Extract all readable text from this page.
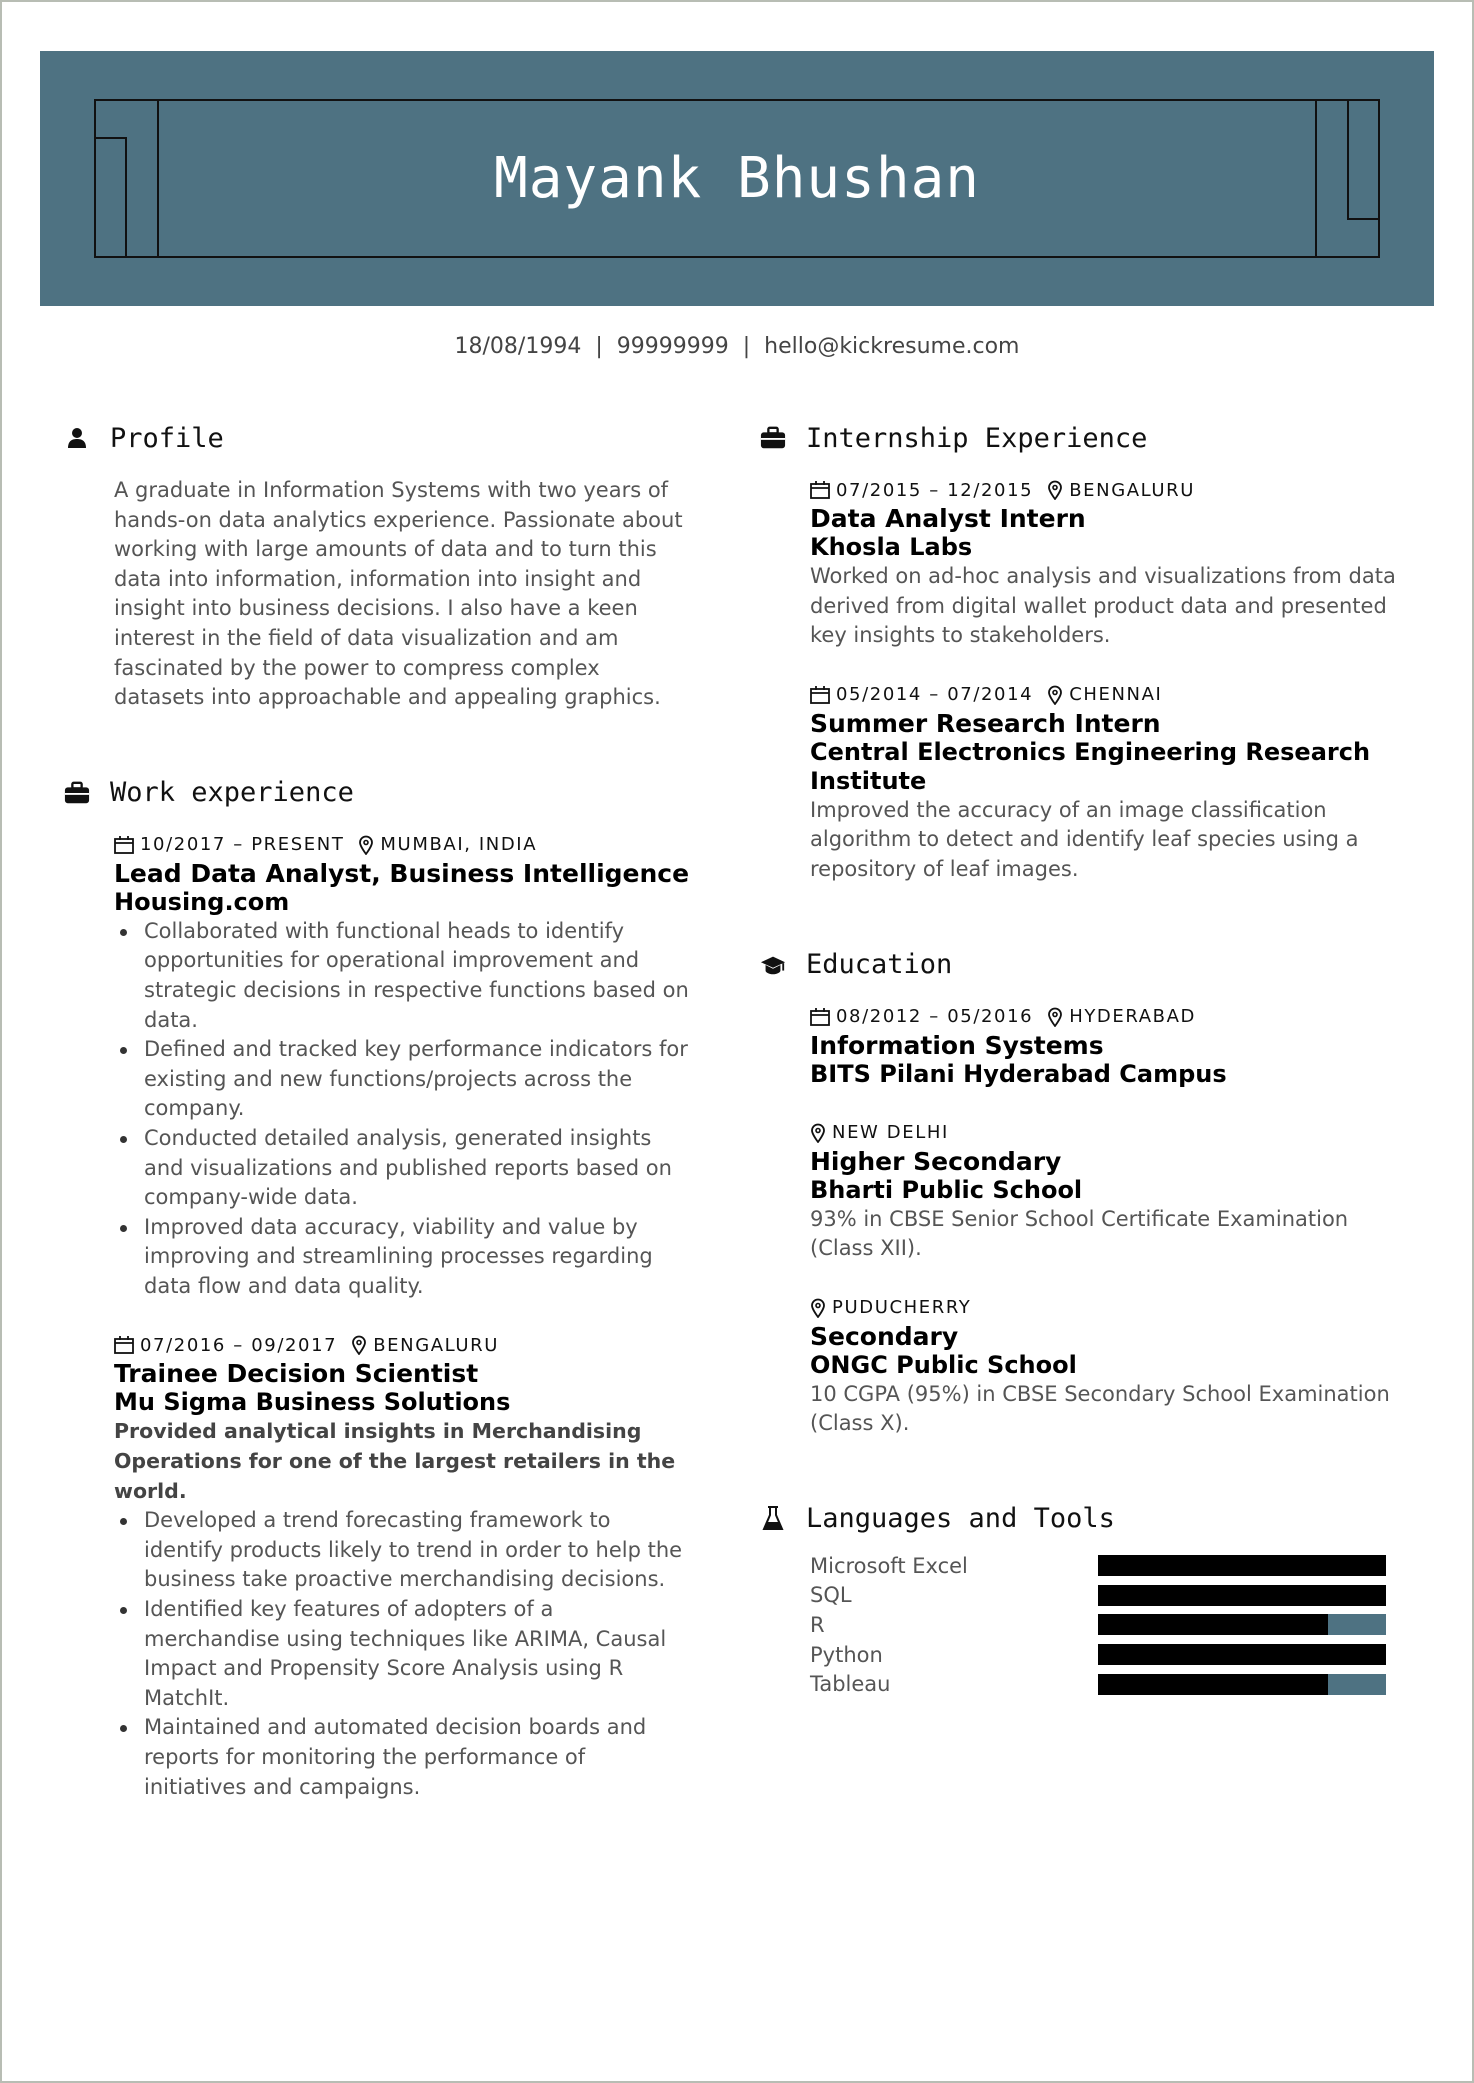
Mayank Bhushan
18/08/1994 | 99999999 | hello@kickresume.com
Profile

A graduate in Information Systems with two years of hands-on data analytics experience. Passionate about working with large amounts of data and to turn this data into information, information into insight and insight into business decisions. I also have a keen interest in the field of data visualization and am fascinated by the power to compress complex datasets into approachable and appealing graphics.

Work experience
10/2017 – PRESENT MUMBAI, INDIA
Lead Data Analyst, Business Intelligence
Housing.com
Collaborated with functional heads to identify opportunities for operational improvement and strategic decisions in respective functions based on data.
Defined and tracked key performance indicators for existing and new functions/projects across the company.
Conducted detailed analysis, generated insights and visualizations and published reports based on company-wide data.
Improved data accuracy, viability and value by improving and streamlining processes regarding data flow and data quality.
07/2016 – 09/2017 BENGALURU
Trainee Decision Scientist
Mu Sigma Business Solutions
Provided analytical insights in Merchandising Operations for one of the largest retailers in the world.
Developed a trend forecasting framework to identify products likely to trend in order to help the business take proactive merchandising decisions.
Identified key features of adopters of a merchandise using techniques like ARIMA, Causal Impact and Propensity Score Analysis using R MatchIt.
Maintained and automated decision boards and reports for monitoring the performance of initiatives and campaigns.
Internship Experience
07/2015 – 12/2015 BENGALURU
Data Analyst Intern
Khosla Labs

Worked on ad-hoc analysis and visualizations from data derived from digital wallet product data and presented key insights to stakeholders.

05/2014 – 07/2014 CHENNAI
Summer Research Intern
Central Electronics Engineering Research Institute

Improved the accuracy of an image classification algorithm to detect and identify leaf species using a repository of leaf images.

Education
08/2012 – 05/2016 HYDERABAD
Information Systems
BITS Pilani Hyderabad Campus
NEW DELHI
Higher Secondary
Bharti Public School

93% in CBSE Senior School Certificate Examination (Class XII).

PUDUCHERRY
Secondary
ONGC Public School

10 CGPA (95%) in CBSE Secondary School Examination (Class X).

Languages and Tools
Microsoft Excel
SQL
R
Python
Tableau
